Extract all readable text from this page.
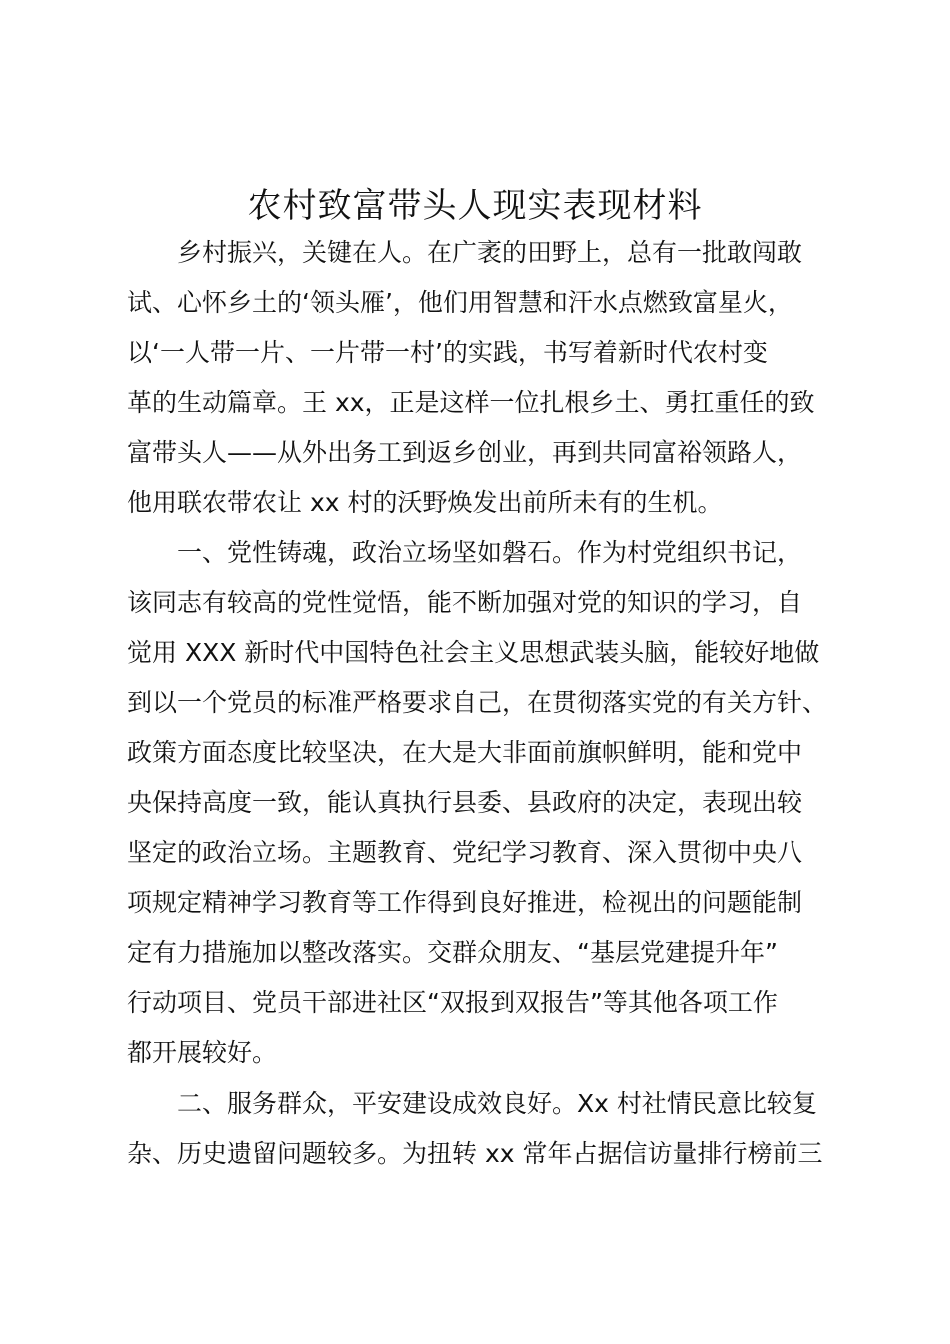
农村致富带头人现实表现材料

乡村振兴，关键在人。在广袤的田野上，总有一批敢闯敢

试、心怀乡土的‘领头雁’，他们用智慧和汗水点燃致富星火，

以‘一人带一片、一片带一村’的实践，书写着新时代农村变

革的生动篇章。王 xx，正是这样一位扎根乡土、勇扛重任的致

富带头人——从外出务工到返乡创业，再到共同富裕领路人，

他用联农带农让 xx 村的沃野焕发出前所未有的生机。

一、党性铸魂，政治立场坚如磐石。作为村党组织书记，

该同志有较高的党性觉悟，能不断加强对党的知识的学习，自

觉用 XXX 新时代中国特色社会主义思想武装头脑，能较好地做

到以一个党员的标准严格要求自己，在贯彻落实党的有关方针、

政策方面态度比较坚决，在大是大非面前旗帜鲜明，能和党中

央保持高度一致，能认真执行县委、县政府的决定，表现出较

坚定的政治立场。主题教育、党纪学习教育、深入贯彻中央八

项规定精神学习教育等工作得到良好推进，检视出的问题能制

定有力措施加以整改落实。交群众朋友、“基层党建提升年”

行动项目、党员干部进社区“双报到双报告”等其他各项工作

都开展较好。

二、服务群众，平安建设成效良好。Xx 村社情民意比较复

杂、历史遗留问题较多。为扭转 xx 常年占据信访量排行榜前三
